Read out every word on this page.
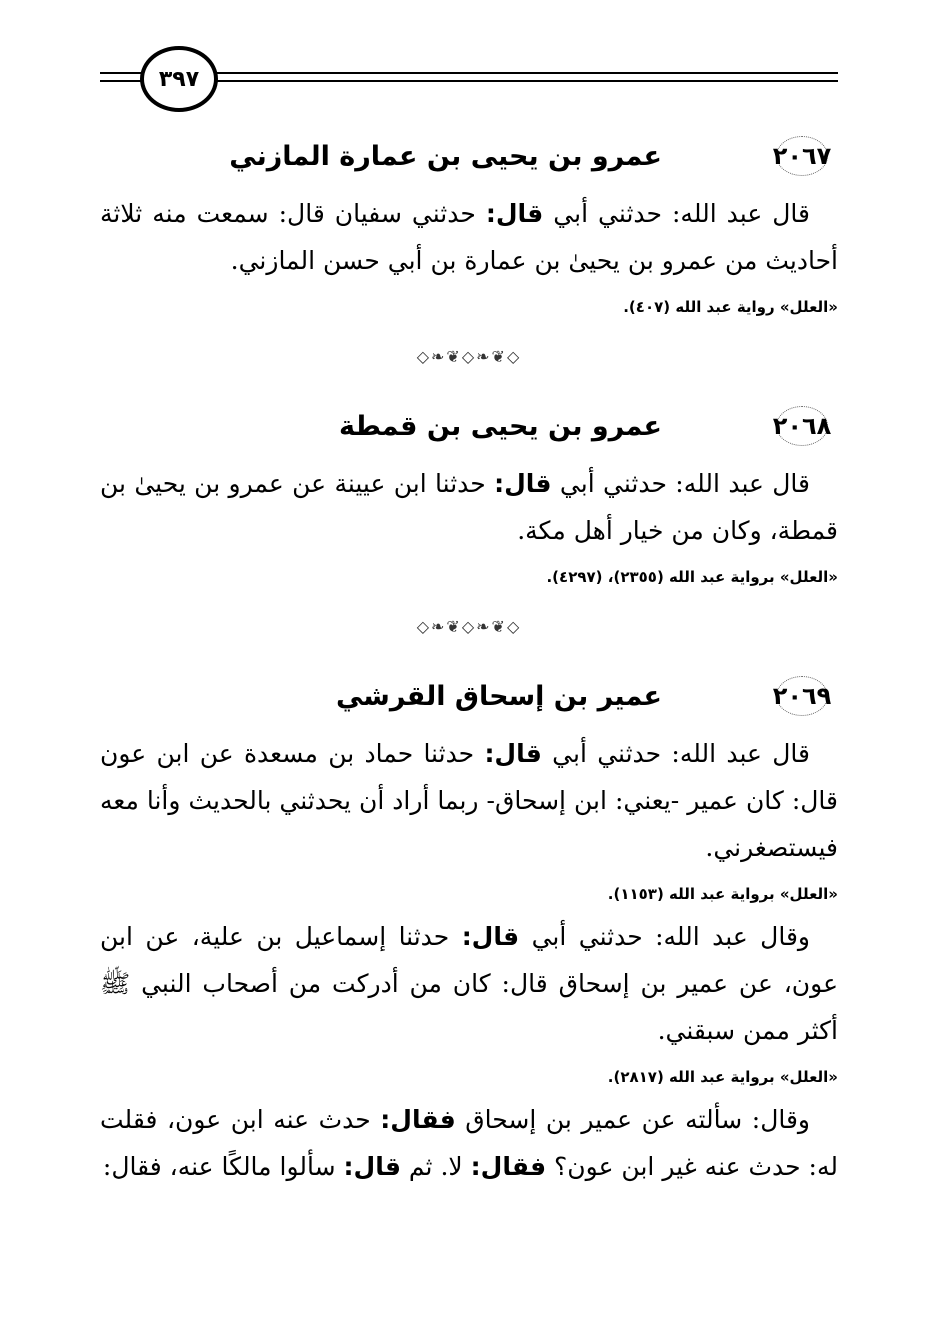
٣٩٧
٢٠٦٧
عمرو بن يحيى بن عمارة المازني

قال عبد الله: حدثني أبي قال: حدثني سفيان قال: سمعت منه ثلاثة أحاديث من عمرو بن يحيىٰ بن عمارة بن أبي حسن المازني.

«العلل» رواية عبد الله (٤٠٧).

◇❦❧◇❦❧◇
٢٠٦٨
عمرو بن يحيى بن قمطة

قال عبد الله: حدثني أبي قال: حدثنا ابن عيينة عن عمرو بن يحيىٰ بن قمطة، وكان من خيار أهل مكة.

«العلل» برواية عبد الله (٢٣٥٥)، (٤٢٩٧).

◇❦❧◇❦❧◇
٢٠٦٩
عمير بن إسحاق القرشي

قال عبد الله: حدثني أبي قال: حدثنا حماد بن مسعدة عن ابن عون قال: كان عمير -يعني: ابن إسحاق- ربما أراد أن يحدثني بالحديث وأنا معه فيستصغرني.

«العلل» برواية عبد الله (١١٥٣).

وقال عبد الله: حدثني أبي قال: حدثنا إسماعيل بن علية، عن ابن عون، عن عمير بن إسحاق قال: كان من أدركت من أصحاب النبي ﷺ أكثر ممن سبقني.

«العلل» برواية عبد الله (٢٨١٧).

وقال: سألته عن عمير بن إسحاق فقال: حدث عنه ابن عون، فقلت له: حدث عنه غير ابن عون؟ فقال: لا. ثم قال: سألوا مالكًا عنه، فقال:
